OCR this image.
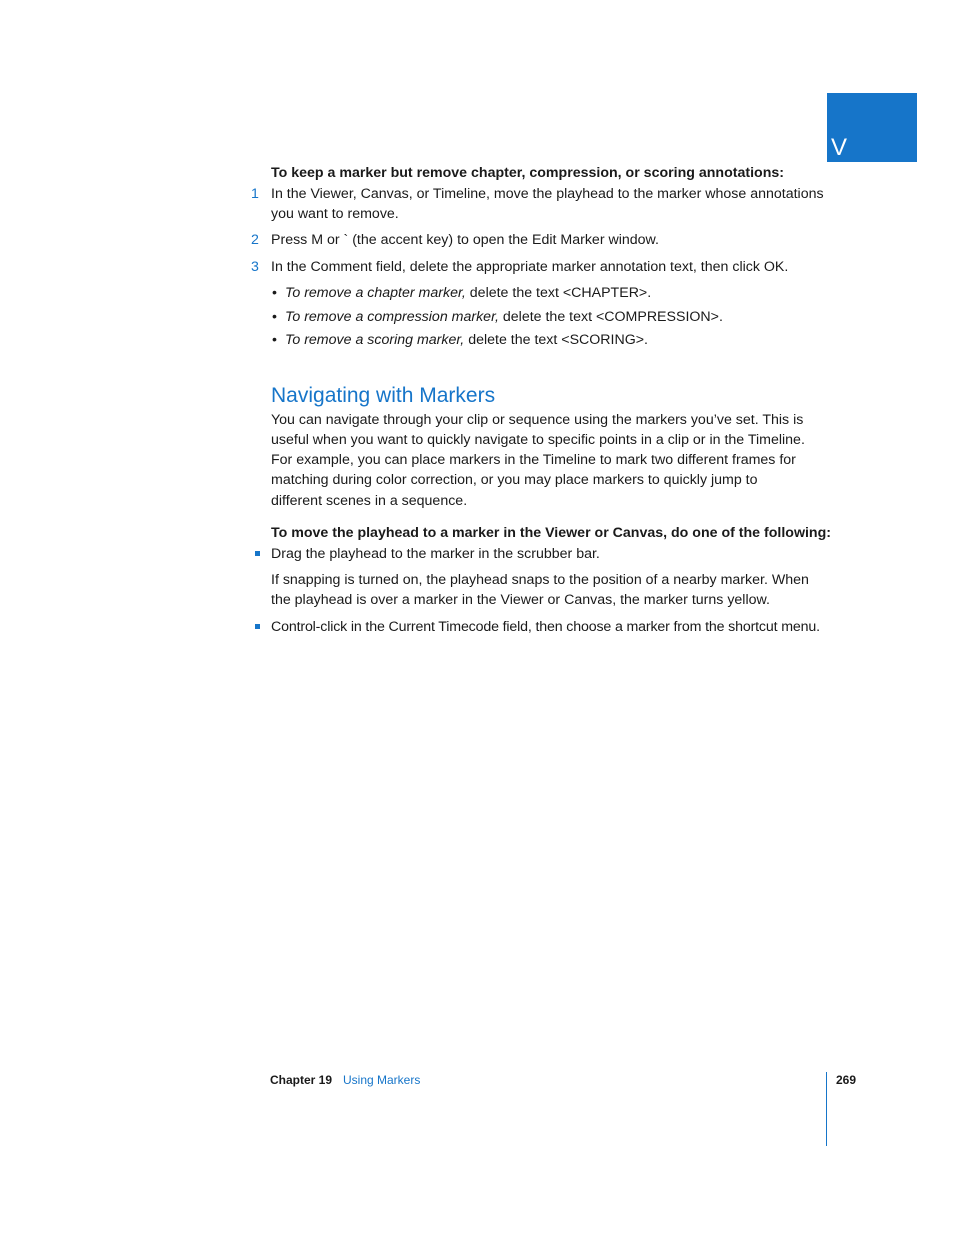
V
To keep a marker but remove chapter, compression, or scoring annotations:
1 In the Viewer, Canvas, or Timeline, move the playhead to the marker whose annotations
you want to remove.
2 Press M or ` (the accent key) to open the Edit Marker window.
3 In the Comment field, delete the appropriate marker annotation text, then click OK.
• To remove a chapter marker, delete the text <CHAPTER>.
• To remove a compression marker, delete the text <COMPRESSION>.
• To remove a scoring marker, delete the text <SCORING>.
Navigating with Markers
You can navigate through your clip or sequence using the markers you’ve set. This is
useful when you want to quickly navigate to specific points in a clip or in the Timeline.
For example, you can place markers in the Timeline to mark two different frames for
matching during color correction, or you may place markers to quickly jump to
different scenes in a sequence.
To move the playhead to a marker in the Viewer or Canvas, do one of the following:
Drag the playhead to the marker in the scrubber bar.
If snapping is turned on, the playhead snaps to the position of a nearby marker. When
the playhead is over a marker in the Viewer or Canvas, the marker turns yellow.
Control-click in the Current Timecode field, then choose a marker from the shortcut menu.
Chapter 19 Using Markers	269
